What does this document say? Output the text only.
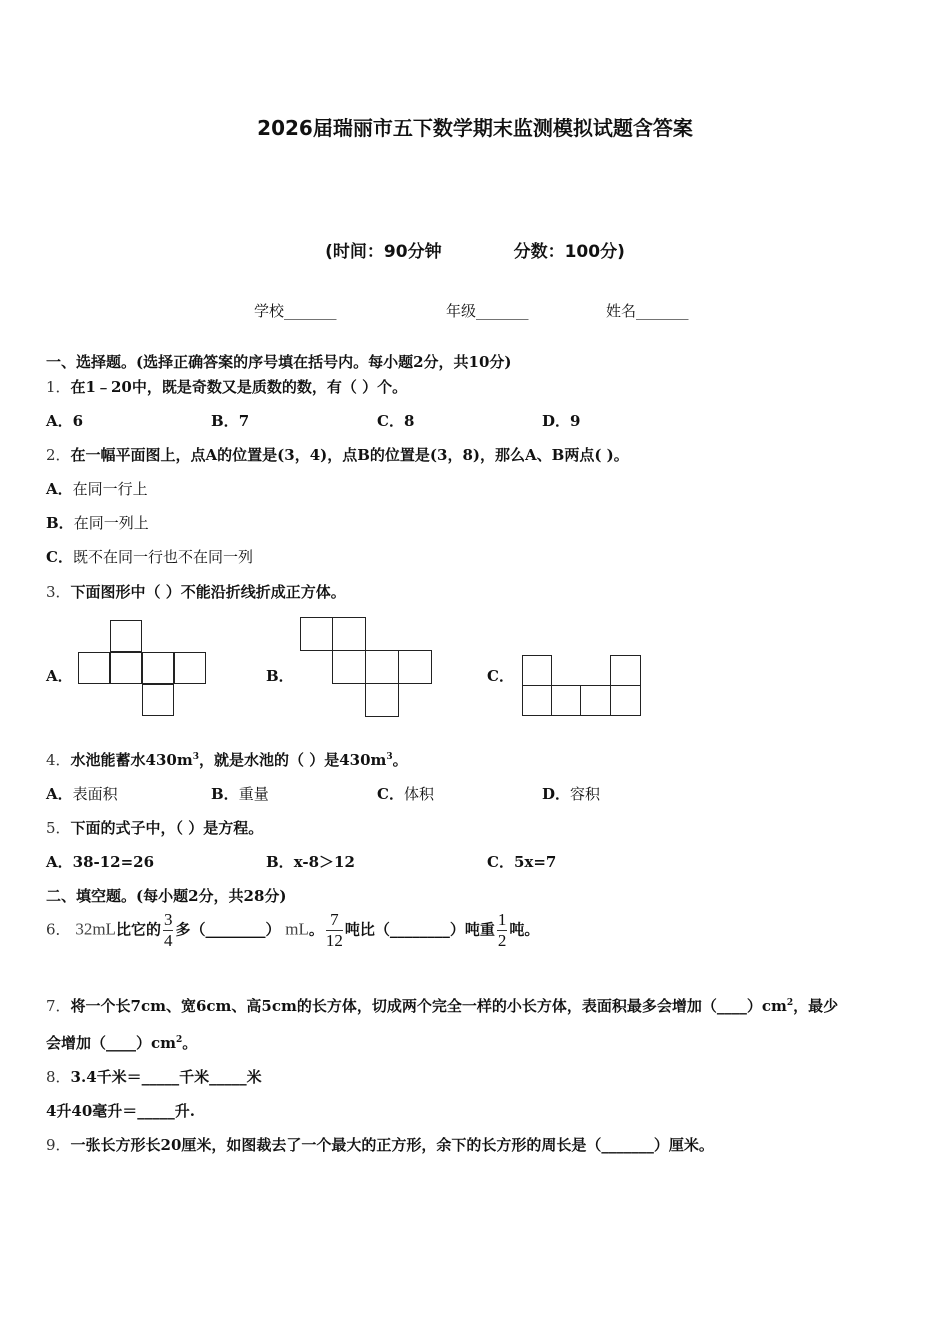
2026届瑞丽市五下数学期末监测模拟试题含答案
(时间：90分钟	分数：100分)
学校_______	年级_______	姓名_______
一、选择题。(选择正确答案的序号填在括号内。每小题2分，共10分)
1．在1﹣20中，既是奇数又是质数的数，有（ ）个。
A．6	B．7	C．8	D．9
2．在一幅平面图上，点A的位置是(3，4)，点B的位置是(3，8)，那么A、B两点( )。
A．在同一行上
B．在同一列上
C．既不在同一行也不在同一列
3．下面图形中（ ）不能沿折线折成正方体。
A．	B．	C．
4．水池能蓄水$430m^3$，就是水池的（ ）是$430m^3$。
A．表面积	B．重量	C．体积	D．容积
5．下面的式子中，（ ）是方程。
A．38-12=26	B．x-8＞12	C．5x=7
二、填空题。(每小题2分，共28分)
6． 32mL比它的 $\frac{3}{4}$ 多（________） mL。 $\frac{7}{12}$ 吨比（________）吨重 $\frac{1}{2}$ 吨。
7．将一个长7cm、宽6cm、高5cm的长方体，切成两个完全一样的小长方体，表面积最多会增加$(\_\_\_\_)cm^2$，最少
会增加$(\_\_\_\_)cm^2$。
8．3.4千米＝_____千米_____米
4升40毫升＝_____升.
9．一张长方形长20厘米，如图裁去了一个最大的正方形，余下的长方形的周长是（_______）厘米。
